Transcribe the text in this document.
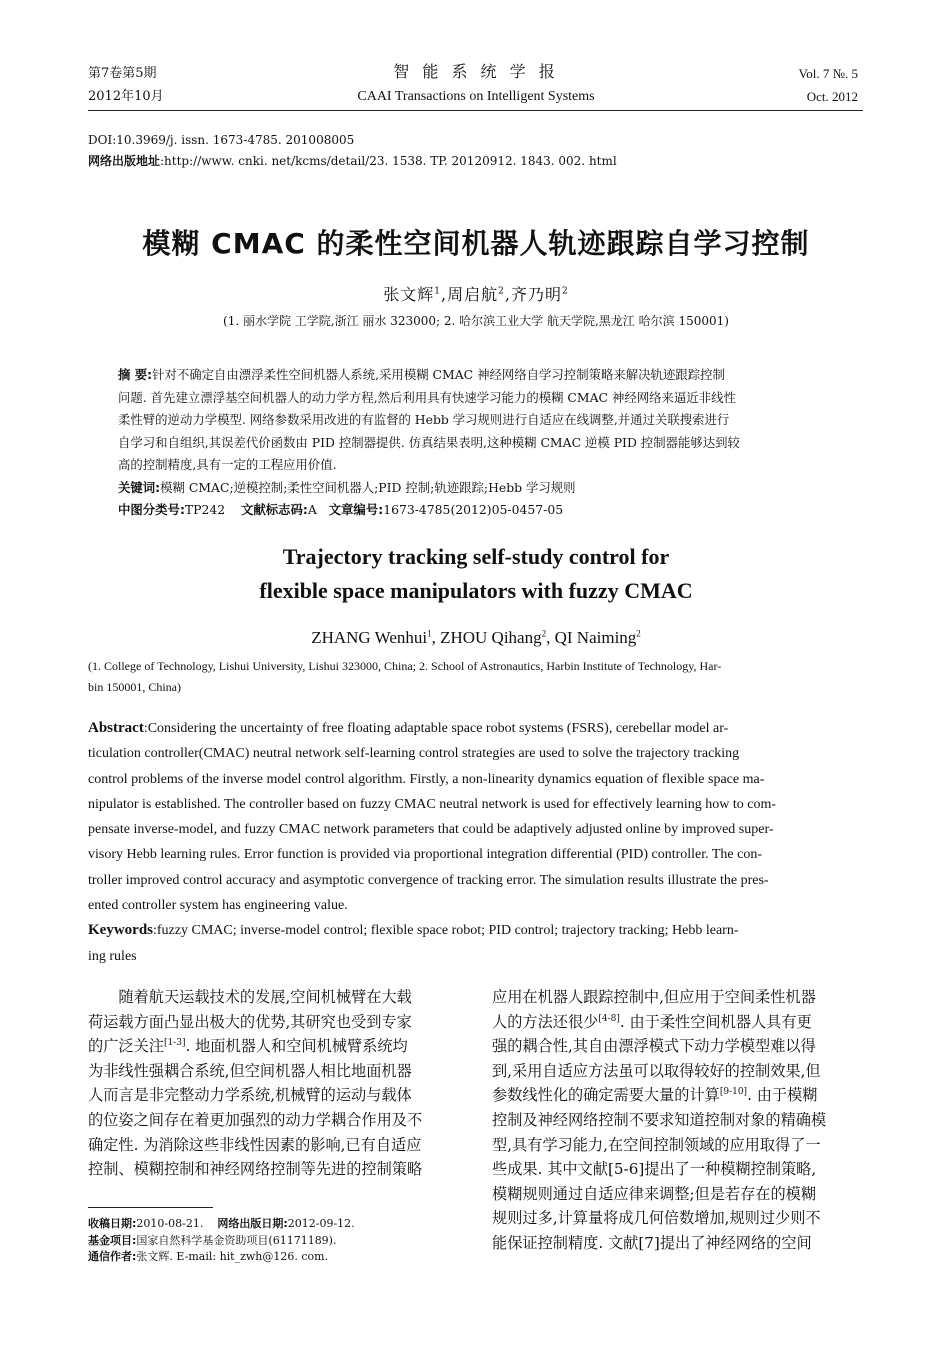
第7卷第5期
2012年10月
智 能 系 统 学 报
CAAI Transactions on Intelligent Systems
Vol. 7 №. 5
Oct. 2012
DOI:10.3969/j. issn. 1673-4785. 201008005
网络出版地址:http://www. cnki. net/kcms/detail/23. 1538. TP. 20120912. 1843. 002. html
模糊 CMAC 的柔性空间机器人轨迹跟踪自学习控制
张文辉$^1$,周启航$^2$,齐乃明$^2$
(1. 丽水学院 工学院,浙江 丽水 323000; 2. 哈尔滨工业大学 航天学院,黑龙江 哈尔滨 150001)
摘 要:针对不确定自由漂浮柔性空间机器人系统,采用模糊 CMAC 神经网络自学习控制策略来解决轨迹跟踪控制
问题. 首先建立漂浮基空间机器人的动力学方程,然后利用具有快速学习能力的模糊 CMAC 神经网络来逼近非线性
柔性臂的逆动力学模型. 网络参数采用改进的有监督的 Hebb 学习规则进行自适应在线调整,并通过关联搜索进行
自学习和自组织,其误差代价函数由 PID 控制器提供. 仿真结果表明,这种模糊 CMAC 逆模 PID 控制器能够达到较
高的控制精度,具有一定的工程应用价值.
关键词:模糊 CMAC;逆模控制;柔性空间机器人;PID 控制;轨迹跟踪;Hebb 学习规则
中图分类号:TP242 文献标志码:A 文章编号:1673-4785(2012)05-0457-05
Trajectory tracking self-study control for
flexible space manipulators with fuzzy CMAC
ZHANG Wenhui$^1$, ZHOU Qihang$^2$, QI Naiming$^2$
(1. College of Technology, Lishui University, Lishui 323000, China; 2. School of Astronautics, Harbin Institute of Technology, Har-
bin 150001, China)
Abstract:Considering the uncertainty of free floating adaptable space robot systems (FSRS), cerebellar model ar-
ticulation controller(CMAC) neutral network self-learning control strategies are used to solve the trajectory tracking
control problems of the inverse model control algorithm. Firstly, a non-linearity dynamics equation of flexible space ma-
nipulator is established. The controller based on fuzzy CMAC neutral network is used for effectively learning how to com-
pensate inverse-model, and fuzzy CMAC network parameters that could be adaptively adjusted online by improved super-
visory Hebb learning rules. Error function is provided via proportional integration differential (PID) controller. The con-
troller improved control accuracy and asymptotic convergence of tracking error. The simulation results illustrate the pres-
ented controller system has engineering value.
Keywords:fuzzy CMAC; inverse-model control; flexible space robot; PID control; trajectory tracking; Hebb learn-
ing rules
　　随着航天运载技术的发展,空间机械臂在大载
荷运载方面凸显出极大的优势,其研究也受到专家
的广泛关注[1-3]. 地面机器人和空间机械臂系统均
为非线性强耦合系统,但空间机器人相比地面机器
人而言是非完整动力学系统,机械臂的运动与载体
的位姿之间存在着更加强烈的动力学耦合作用及不
确定性. 为消除这些非线性因素的影响,已有自适应
控制、模糊控制和神经网络控制等先进的控制策略
应用在机器人跟踪控制中,但应用于空间柔性机器
人的方法还很少[4-8]. 由于柔性空间机器人具有更
强的耦合性,其自由漂浮模式下动力学模型难以得
到,采用自适应方法虽可以取得较好的控制效果,但
参数线性化的确定需要大量的计算[9-10]. 由于模糊
控制及神经网络控制不要求知道控制对象的精确模
型,具有学习能力,在空间控制领域的应用取得了一
些成果. 其中文献[5-6]提出了一种模糊控制策略,
模糊规则通过自适应律来调整;但是若存在的模糊
规则过多,计算量将成几何倍数增加,规则过少则不
能保证控制精度. 文献[7]提出了神经网络的空间
收稿日期:2010-08-21. 网络出版日期:2012-09-12.
基金项目:国家自然科学基金资助项目(61171189).
通信作者:张文辉. E-mail: hit_zwh@126. com.
